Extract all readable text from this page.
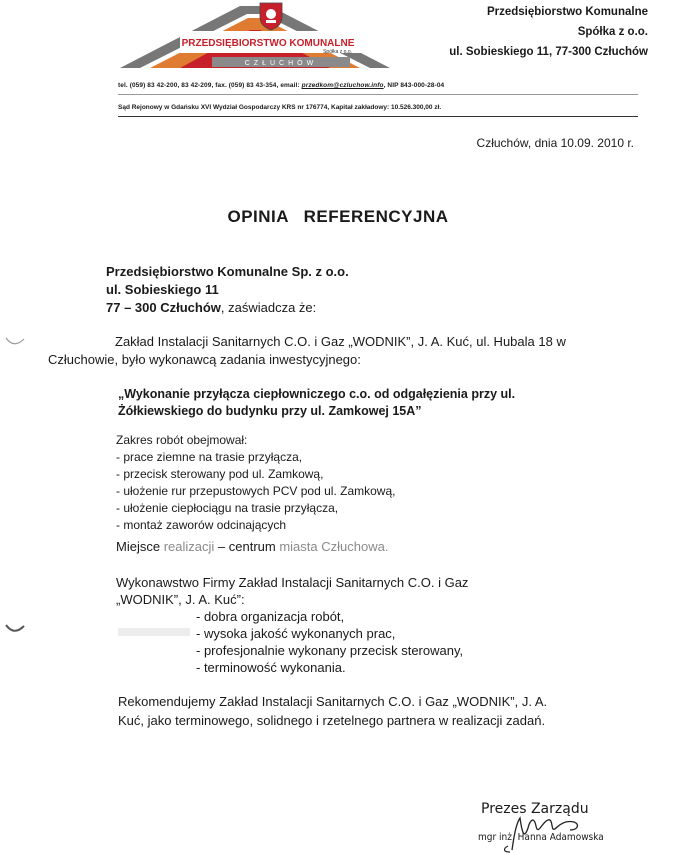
PRZEDSIĘBIORSTWO KOMUNALNE
Spółka z o.o.
CZŁUCHÓW
Przedsiębiorstwo Komunalne
Spółka z o.o.
ul. Sobieskiego 11, 77-300 Człuchów
tel. (059) 83 42-200, 83 42-209, fax. (059) 83 43-354, email: przedkom@czluchow.info, NIP 843-000-28-04
Sąd Rejonowy w Gdańsku XVI Wydział Gospodarczy KRS nr 176774, Kapitał zakładowy: 10.526.300,00 zł.
Człuchów, dnia 10.09. 2010 r.
OPINIA REFERENCYJNA
Przedsiębiorstwo Komunalne Sp. z o.o.
ul. Sobieskiego 11
77 – 300 Człuchów, zaświadcza że:
Zakład Instalacji Sanitarnych C.O. i Gaz „WODNIK”, J. A. Kuć, ul. Hubala 18 w
Człuchowie, było wykonawcą zadania inwestycyjnego:
„Wykonanie przyłącza ciepłowniczego c.o. od odgałęzienia przy ul.
Żółkiewskiego do budynku przy ul. Zamkowej 15A”
Zakres robót obejmował:
- prace ziemne na trasie przyłącza,
- przecisk sterowany pod ul. Zamkową,
- ułożenie rur przepustowych PCV pod ul. Zamkową,
- ułożenie ciepłociągu na trasie przyłącza,
- montaż zaworów odcinających
Miejsce realizacji – centrum miasta Człuchowa.
Wykonawstwo Firmy Zakład Instalacji Sanitarnych C.O. i Gaz
„WODNIK”, J. A. Kuć”:
- dobra organizacja robót,
- wysoka jakość wykonanych prac,
- profesjonalnie wykonany przecisk sterowany,
- terminowość wykonania.
Rekomendujemy Zakład Instalacji Sanitarnych C.O. i Gaz „WODNIK”, J. A.
Kuć, jako terminowego, solidnego i rzetelnego partnera w realizacji zadań.
Prezes Zarządu
mgr inż. Hanna Adamowska
